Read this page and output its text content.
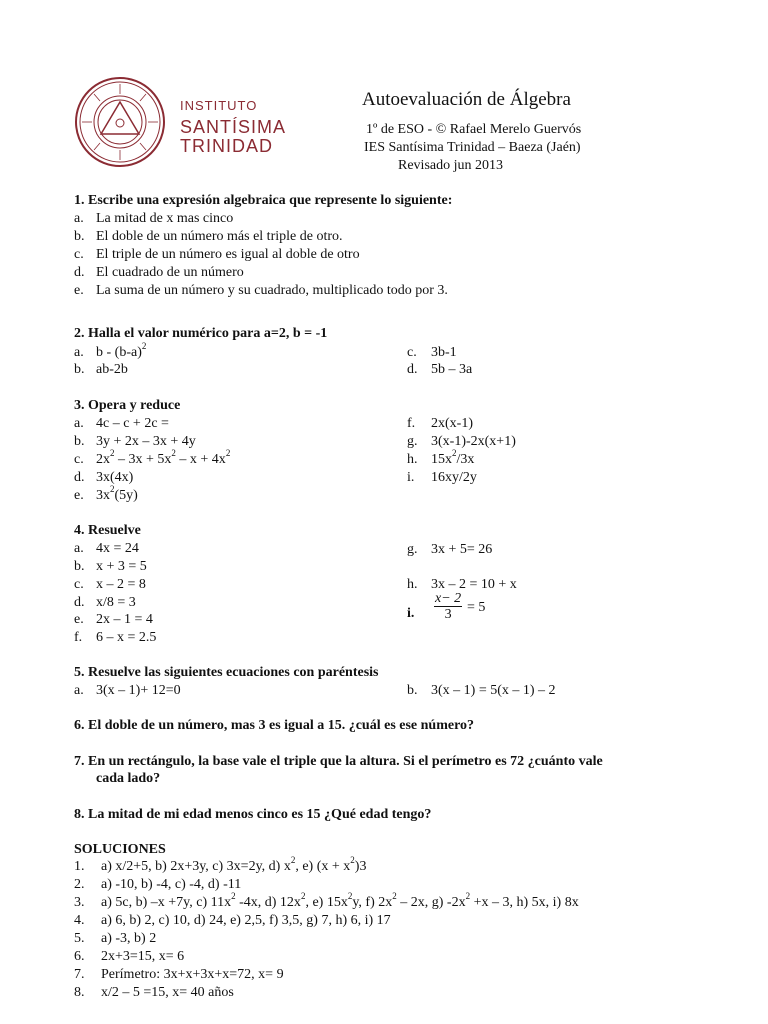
INSTITUTO
SANTÍSIMA
TRINIDAD
Autoevaluación de Álgebra
1º de ESO - © Rafael Merelo Guervós
IES Santísima Trinidad – Baeza (Jaén)
Revisado jun 2013
1. Escribe una expresión algebraica que represente lo siguiente:
a. La mitad de x mas cinco
b. El doble de un número más el triple de otro.
c. El triple de un número es igual al doble de otro
d. El cuadrado de un número
e. La suma de un número y su cuadrado, multiplicado todo por 3.
2. Halla el valor numérico para a=2, b = -1
a. b - $(b-a)^2$
b. ab-2b
c. 3b-1
d. 5b – 3a
3. Opera y reduce
a. 4c – c + 2c =
b. 3y + 2x – 3x + 4y
c. $2x^2 - 3x + 5x^2 - x + 4x^2$
d. 3x(4x)
e. $3x^2(5y)$
f. 2x(x-1)
g. 3(x-1)-2x(x+1)
h. $15x^2/3x$
i. 16xy/2y
4. Resuelve
a. 4x = 24
b. x + 3 = 5
c. x – 2 = 8
d. x/8 = 3
e. 2x – 1 = 4
f. 6 – x = 2.5
g. 3x + 5= 26
h. 3x – 2 = 10 + x
i. $\frac{x- 2}{3} = 5$
5. Resuelve las siguientes ecuaciones con paréntesis
a. 3(x – 1)+ 12=0	b. 3(x – 1) = 5(x – 1) – 2
6. El doble de un número, mas 3 es igual a 15. ¿cuál es ese número?
7. En un rectángulo, la base vale el triple que la altura. Si el perímetro es 72 ¿cuánto vale
cada lado?
8. La mitad de mi edad menos cinco es 15 ¿Qué edad tengo?
SOLUCIONES
1. a) x/2+5, b) 2x+3y, c) 3x=2y, d) $x^2$, e) $(x + x^2)3$
2. a) -10, b) -4, c) -4, d) -11
3. a) 5c, b) –x +7y, c) $11x^2$ -4x, d) $12x^2$, e) $15x^2y$, f) $2x^2 - 2x$, g) $-2x^2 +x - 3$, h) 5x, i) 8x
4. a) 6, b) 2, c) 10, d) 24, e) 2,5, f) 3,5, g) 7, h) 6, i) 17
5. a) -3, b) 2
6. 2x+3=15, x= 6
7. Perímetro: 3x+x+3x+x=72, x= 9
8. x/2 – 5 =15, x= 40 años
